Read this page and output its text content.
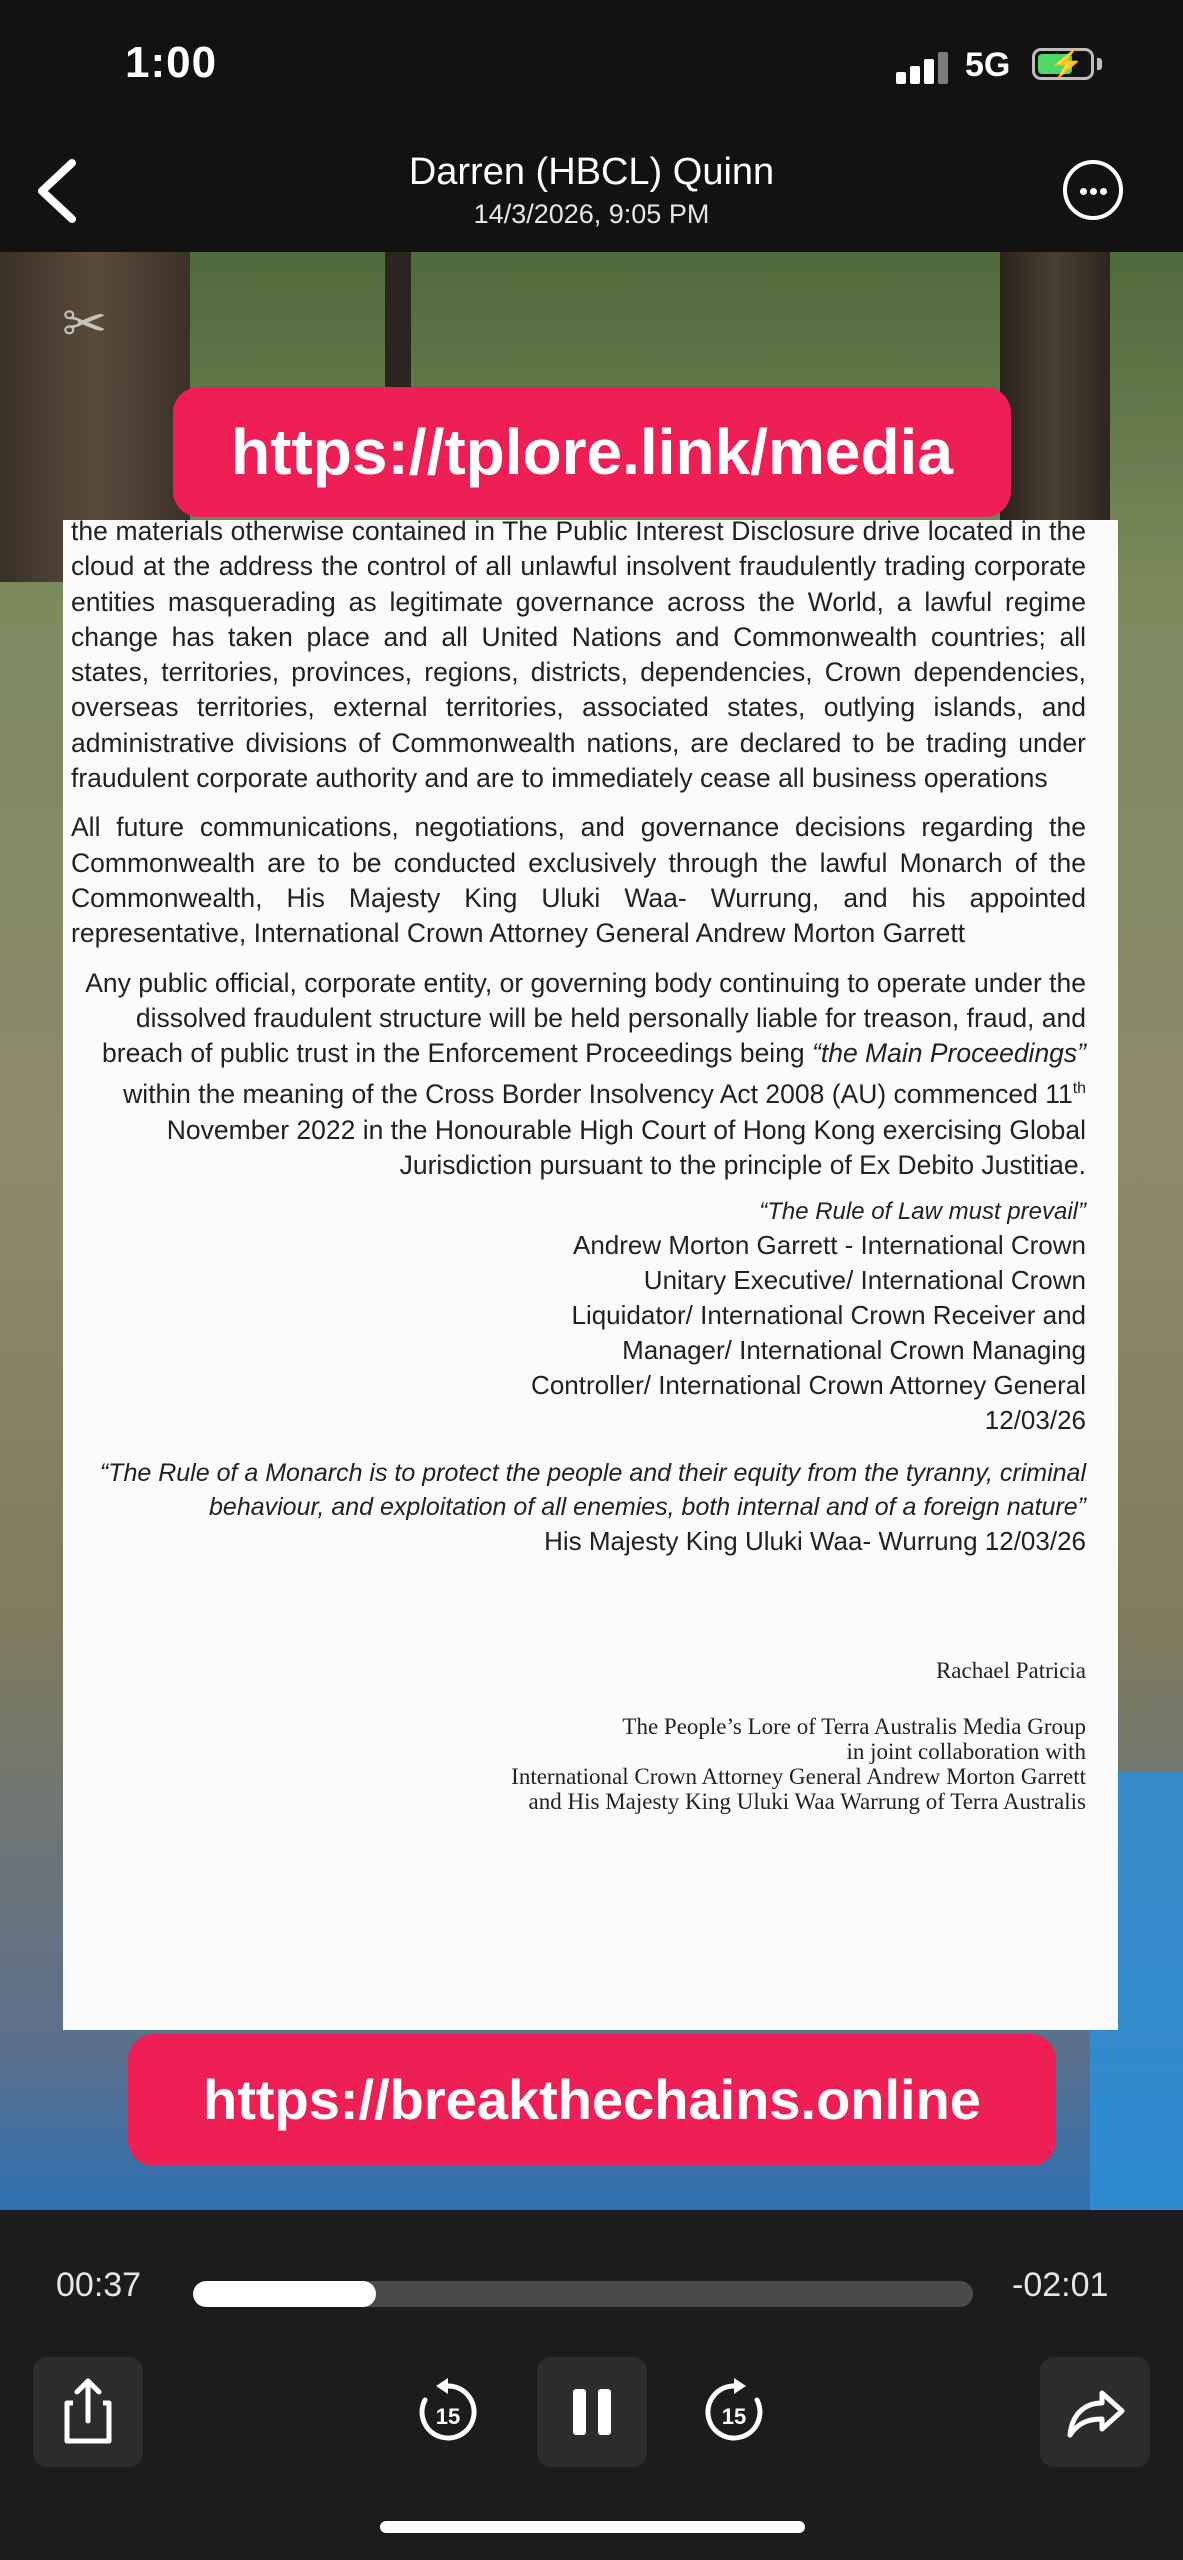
1:00	5G ⚡
Darren (HBCL) Quinn
14/3/2026, 9:05 PM
✂

the materials otherwise contained in The Public Interest Disclosure drive located in the cloud at the address the control of all unlawful insolvent fraudulently trading corporate entities masquerading as legitimate governance across the World, a lawful regime change has taken place and all United Nations and Commonwealth countries; all states, territories, provinces, regions, districts, dependencies, Crown dependencies, overseas territories, external territories, associated states, outlying islands, and administrative divisions of Commonwealth nations, are declared to be trading under fraudulent corporate authority and are to immediately cease all business operations

All future communications, negotiations, and governance decisions regarding the Commonwealth are to be conducted exclusively through the lawful Monarch of the Commonwealth, His Majesty King Uluki Waa- Wurrung, and his appointed representative, International Crown Attorney General Andrew Morton Garrett

Any public official, corporate entity, or governing body continuing to operate under the dissolved fraudulent structure will be held personally liable for treason, fraud, and breach of public trust in the Enforcement Proceedings being “the Main Proceedings” within the meaning of the Cross Border Insolvency Act 2008 (AU) commenced 11th November 2022 in the Honourable High Court of Hong Kong exercising Global Jurisdiction pursuant to the principle of Ex Debito Justitiae.

“The Rule of Law must prevail”
Andrew Morton Garrett - International Crown
Unitary Executive/ International Crown
Liquidator/ International Crown Receiver and
Manager/ International Crown Managing
Controller/ International Crown Attorney General
12/03/26
“The Rule of a Monarch is to protect the people and their equity from the tyranny, criminal behaviour, and exploitation of all enemies, both internal and of a foreign nature”
His Majesty King Uluki Waa- Wurrung 12/03/26
Rachael Patricia
The People’s Lore of Terra Australis Media Group
in joint collaboration with
International Crown Attorney General Andrew Morton Garrett
and His Majesty King Uluki Waa Warrung of Terra Australis
https://tplore.link/media
https://breakthechains.online
00:37	-02:01
15	15
